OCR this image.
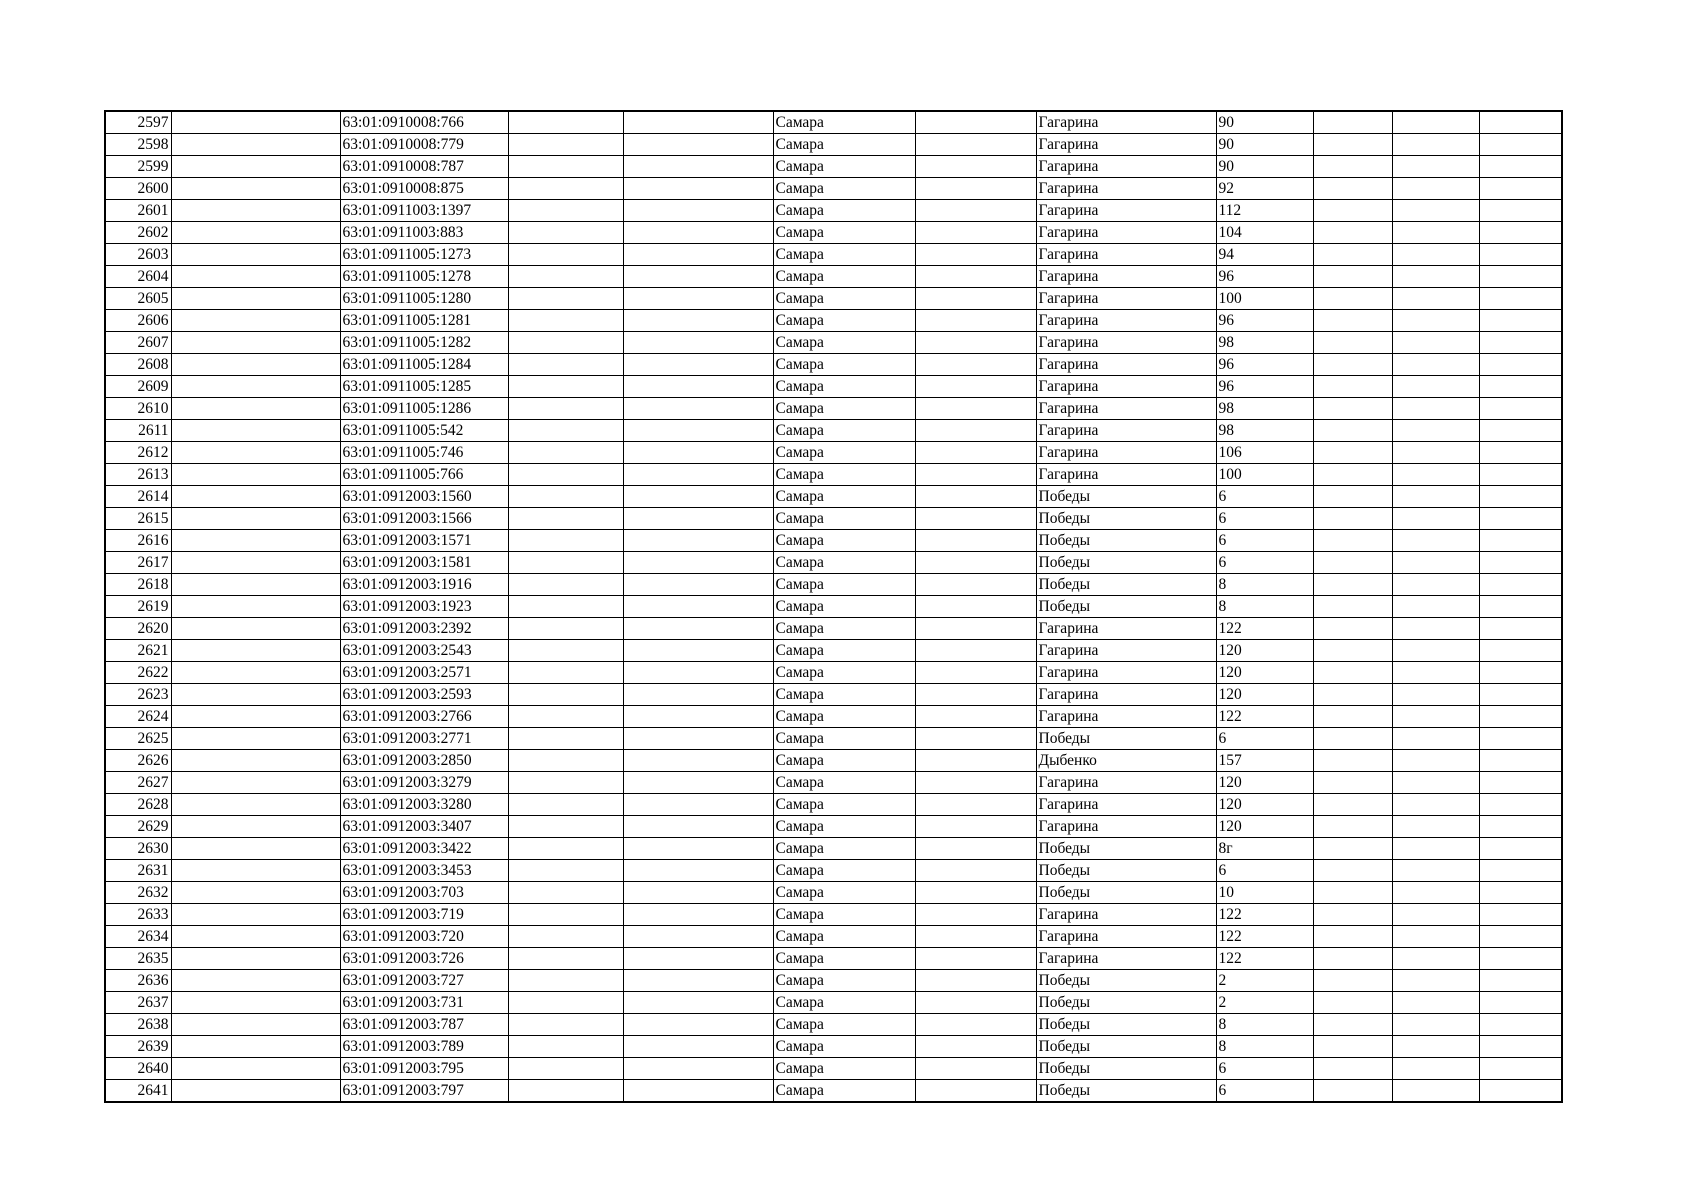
2597		63:01:0910008:766			Самара		Гагарина	90			
2598		63:01:0910008:779			Самара		Гагарина	90			
2599		63:01:0910008:787			Самара		Гагарина	90			
2600		63:01:0910008:875			Самара		Гагарина	92			
2601		63:01:0911003:1397			Самара		Гагарина	112			
2602		63:01:0911003:883			Самара		Гагарина	104			
2603		63:01:0911005:1273			Самара		Гагарина	94			
2604		63:01:0911005:1278			Самара		Гагарина	96			
2605		63:01:0911005:1280			Самара		Гагарина	100			
2606		63:01:0911005:1281			Самара		Гагарина	96			
2607		63:01:0911005:1282			Самара		Гагарина	98			
2608		63:01:0911005:1284			Самара		Гагарина	96			
2609		63:01:0911005:1285			Самара		Гагарина	96			
2610		63:01:0911005:1286			Самара		Гагарина	98			
2611		63:01:0911005:542			Самара		Гагарина	98			
2612		63:01:0911005:746			Самара		Гагарина	106			
2613		63:01:0911005:766			Самара		Гагарина	100			
2614		63:01:0912003:1560			Самара		Победы	6			
2615		63:01:0912003:1566			Самара		Победы	6			
2616		63:01:0912003:1571			Самара		Победы	6			
2617		63:01:0912003:1581			Самара		Победы	6			
2618		63:01:0912003:1916			Самара		Победы	8			
2619		63:01:0912003:1923			Самара		Победы	8			
2620		63:01:0912003:2392			Самара		Гагарина	122			
2621		63:01:0912003:2543			Самара		Гагарина	120			
2622		63:01:0912003:2571			Самара		Гагарина	120			
2623		63:01:0912003:2593			Самара		Гагарина	120			
2624		63:01:0912003:2766			Самара		Гагарина	122			
2625		63:01:0912003:2771			Самара		Победы	6			
2626		63:01:0912003:2850			Самара		Дыбенко	157			
2627		63:01:0912003:3279			Самара		Гагарина	120			
2628		63:01:0912003:3280			Самара		Гагарина	120			
2629		63:01:0912003:3407			Самара		Гагарина	120			
2630		63:01:0912003:3422			Самара		Победы	8г			
2631		63:01:0912003:3453			Самара		Победы	6			
2632		63:01:0912003:703			Самара		Победы	10			
2633		63:01:0912003:719			Самара		Гагарина	122			
2634		63:01:0912003:720			Самара		Гагарина	122			
2635		63:01:0912003:726			Самара		Гагарина	122			
2636		63:01:0912003:727			Самара		Победы	2			
2637		63:01:0912003:731			Самара		Победы	2			
2638		63:01:0912003:787			Самара		Победы	8			
2639		63:01:0912003:789			Самара		Победы	8			
2640		63:01:0912003:795			Самара		Победы	6			
2641		63:01:0912003:797			Самара		Победы	6			
